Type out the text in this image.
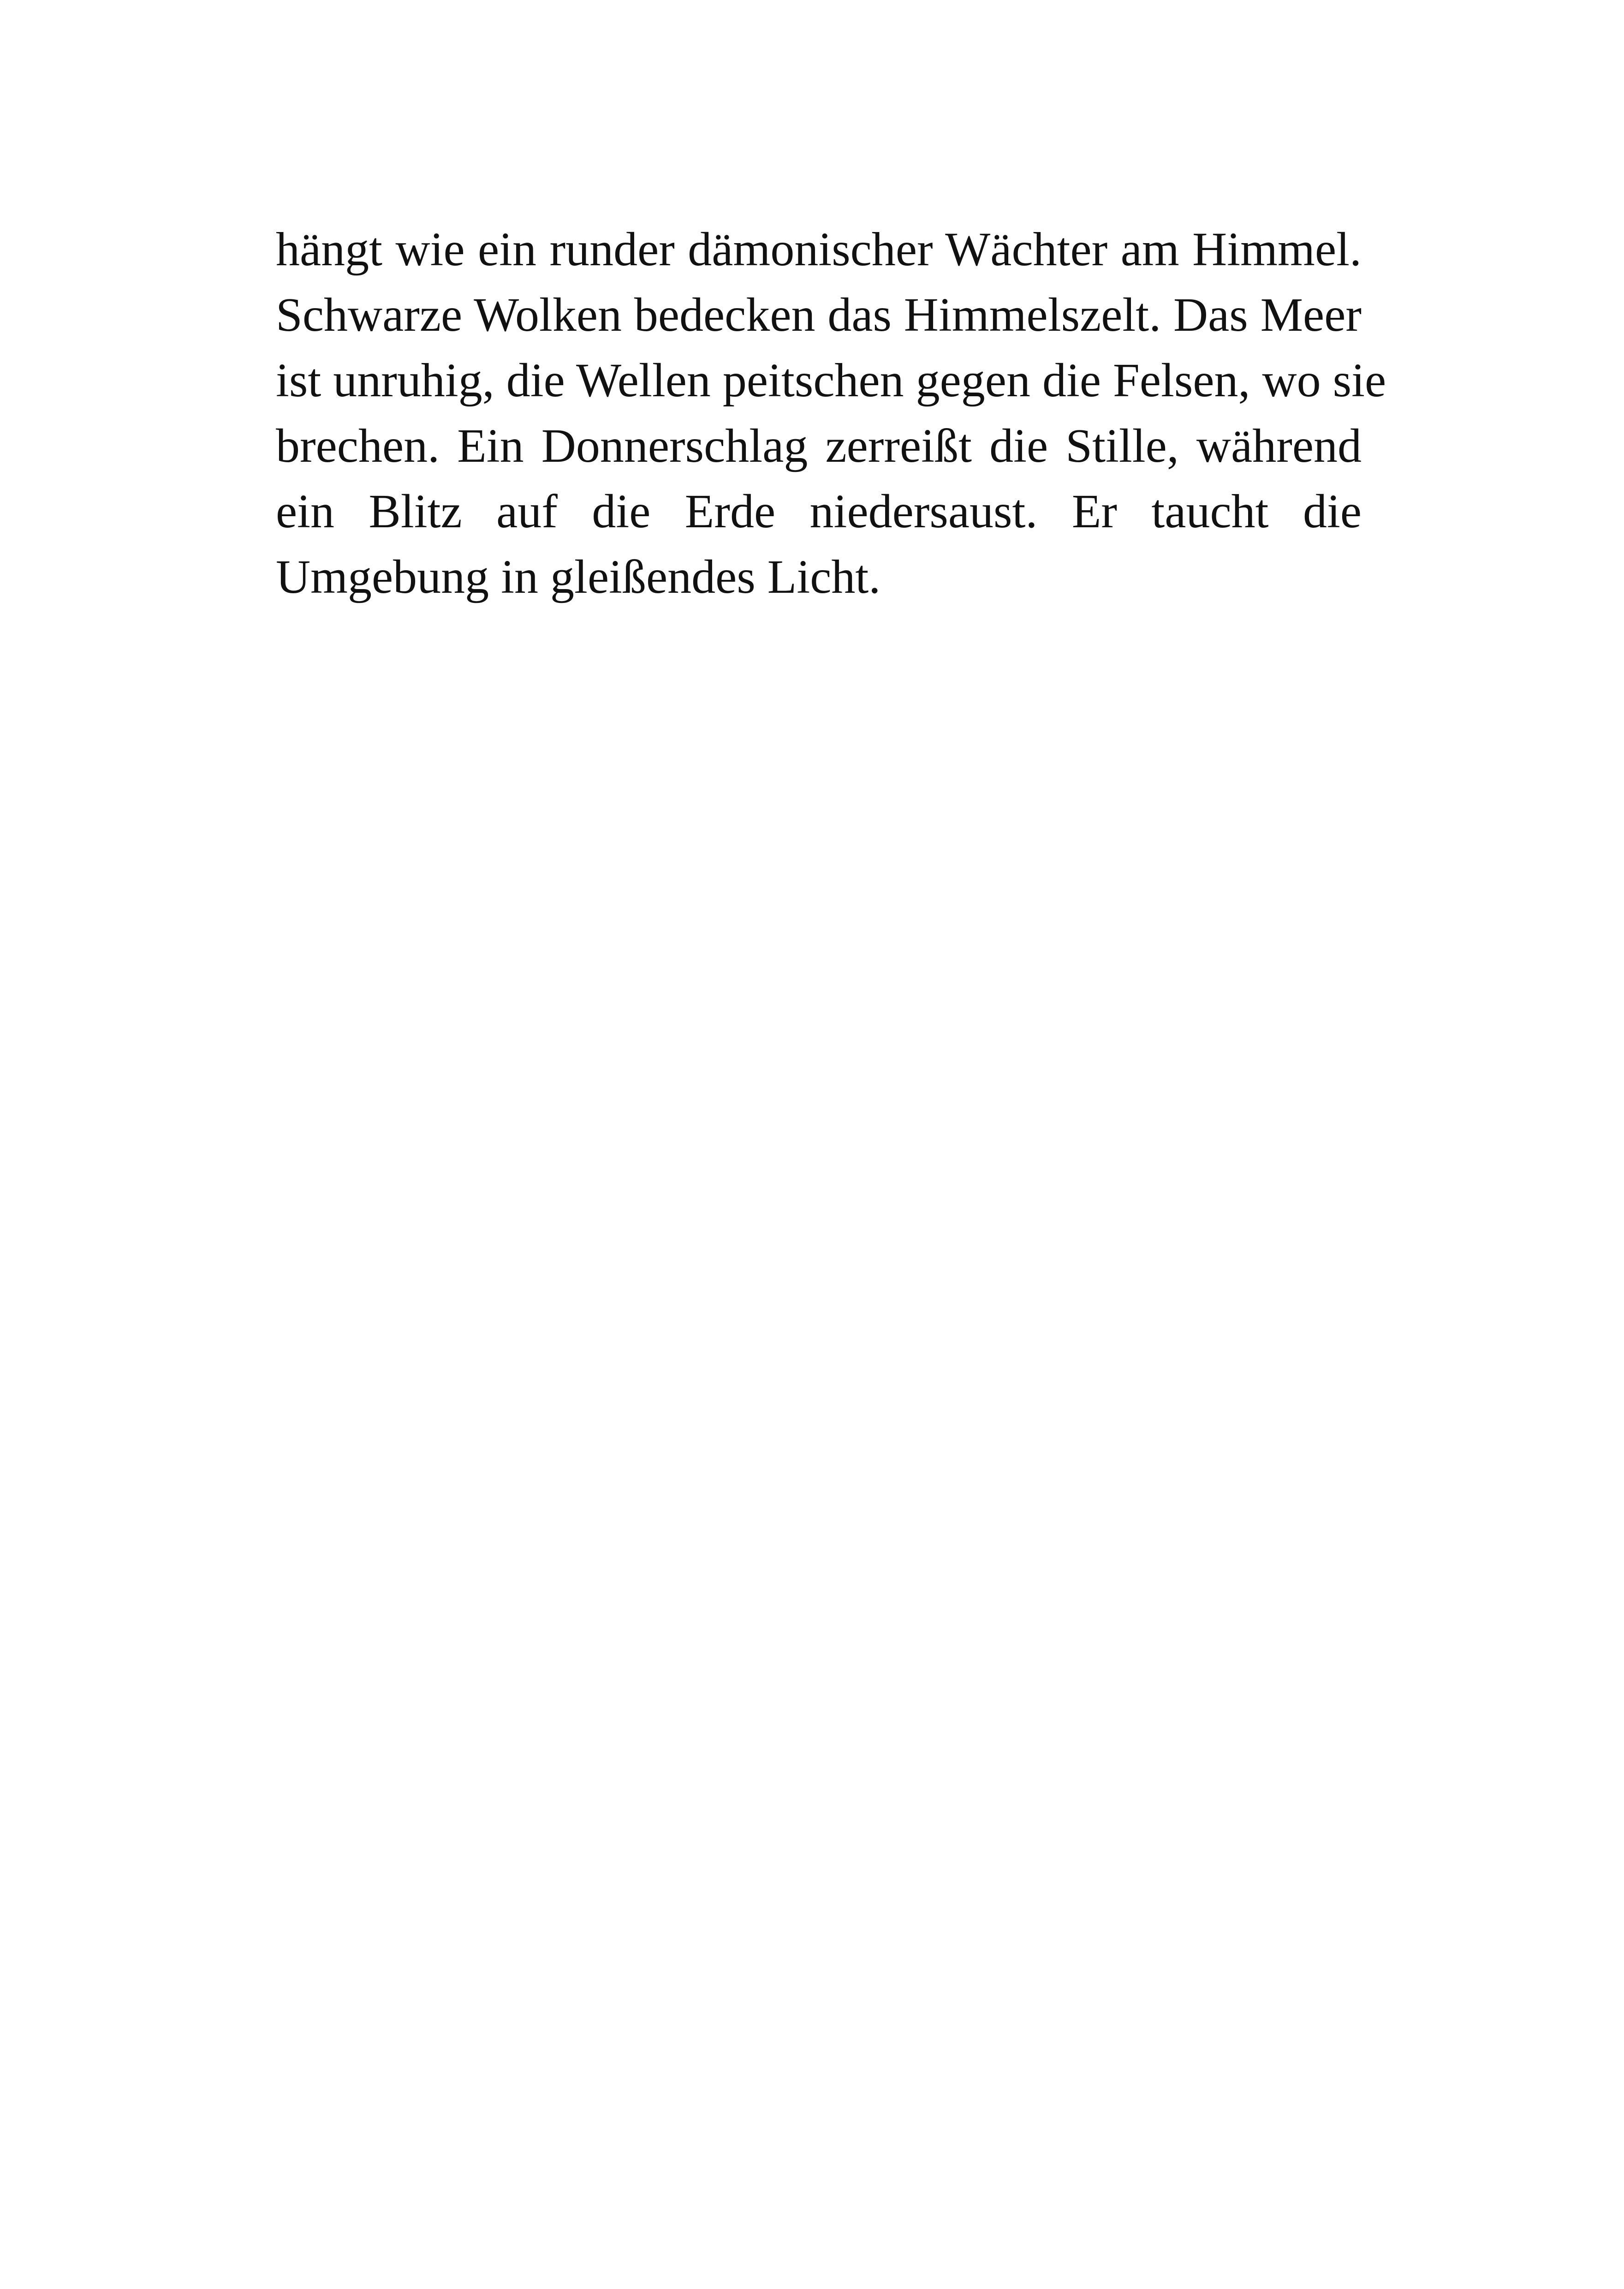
hängt wie ein runder dämonischer Wächter am Himmel.
Schwarze Wolken bedecken das Himmelszelt. Das Meer
ist unruhig, die Wellen peitschen gegen die Felsen, wo sie
brechen. Ein Donnerschlag zerreißt die Stille, während
ein Blitz auf die Erde niedersaust. Er taucht die
Umgebung in gleißendes Licht.
